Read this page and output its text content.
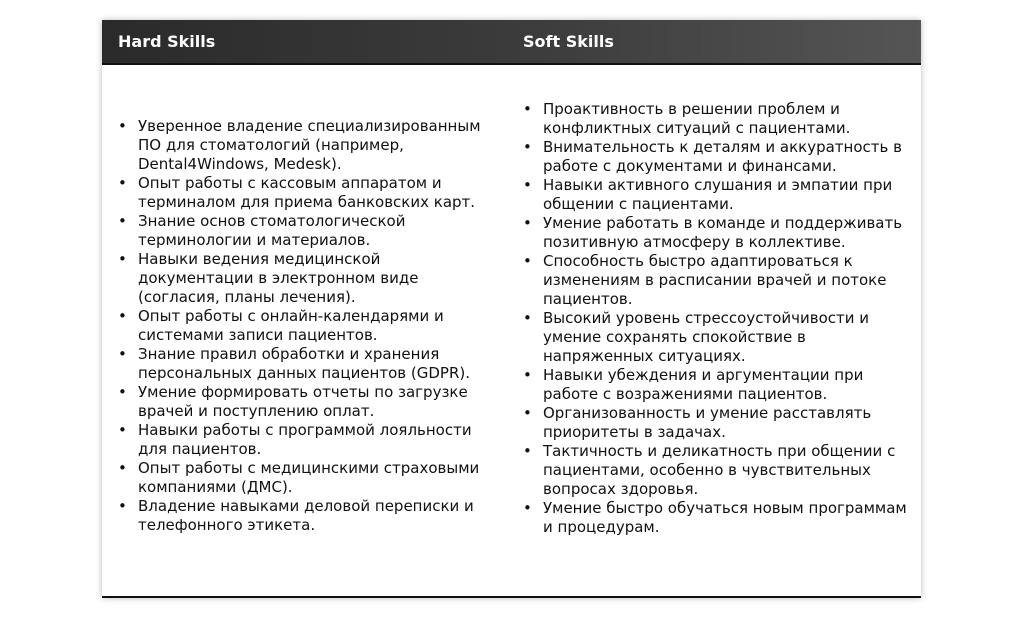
Hard Skills	Soft Skills
• Уверенное владение специализированным ПО для стоматологий (например, Dental4Windows, Medesk).
• Опыт работы с кассовым аппаратом и терминалом для приема банковских карт.
• Знание основ стоматологической терминологии и материалов.
• Навыки ведения медицинской документации в электронном виде (согласия, планы лечения).
• Опыт работы с онлайн-календарями и системами записи пациентов.
• Знание правил обработки и хранения персональных данных пациентов (GDPR).
• Умение формировать отчеты по загрузке врачей и поступлению оплат.
• Навыки работы с программой лояльности для пациентов.
• Опыт работы с медицинскими страховыми компаниями (ДМС).
• Владение навыками деловой переписки и телефонного этикета.
• Проактивность в решении проблем и конфликтных ситуаций с пациентами.
• Внимательность к деталям и аккуратность в работе с документами и финансами.
• Навыки активного слушания и эмпатии при общении с пациентами.
• Умение работать в команде и поддерживать позитивную атмосферу в коллективе.
• Способность быстро адаптироваться к изменениям в расписании врачей и потоке пациентов.
• Высокий уровень стрессоустойчивости и умение сохранять спокойствие в напряженных ситуациях.
• Навыки убеждения и аргументации при работе с возражениями пациентов.
• Организованность и умение расставлять приоритеты в задачах.
• Тактичность и деликатность при общении с пациентами, особенно в чувствительных вопросах здоровья.
• Умение быстро обучаться новым программам и процедурам.
